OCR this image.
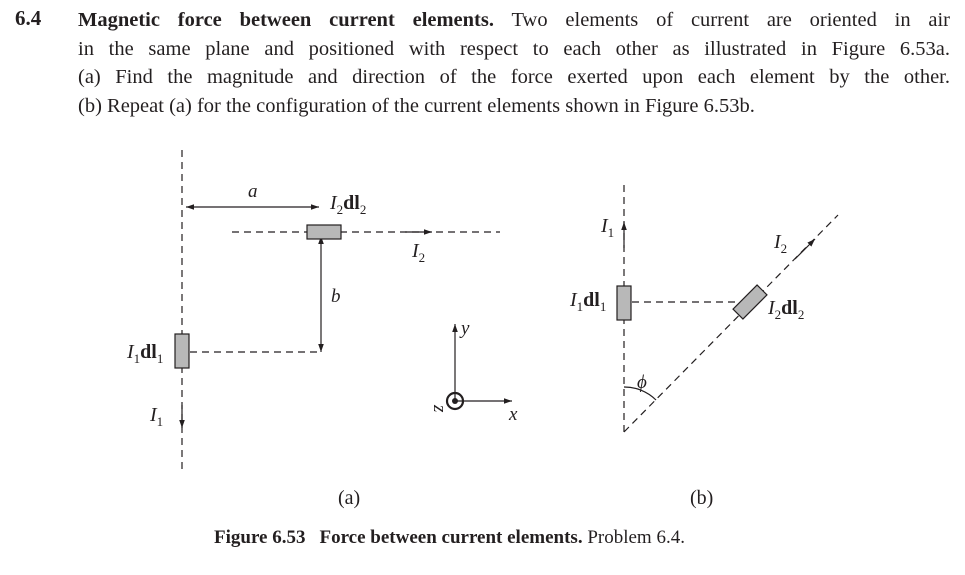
6.4 Magnetic force between current elements. Two elements of current are oriented in air
in the same plane and positioned with respect to each other as illustrated in Figure 6.53a.
(a) Find the magnitude and direction of the force exerted upon each element by the other.
(b) Repeat (a) for the configuration of the current elements shown in Figure 6.53b.
a
b
$I_2dl_2$
$I_2$
$I_1dl_1$
$I_1$
y
x
z
(a)
$I_1$
$I_1dl_1$
$I_2$
$I_2dl_2$
ϕ
(b)
Figure 6.53 Force between current elements. Problem 6.4.
